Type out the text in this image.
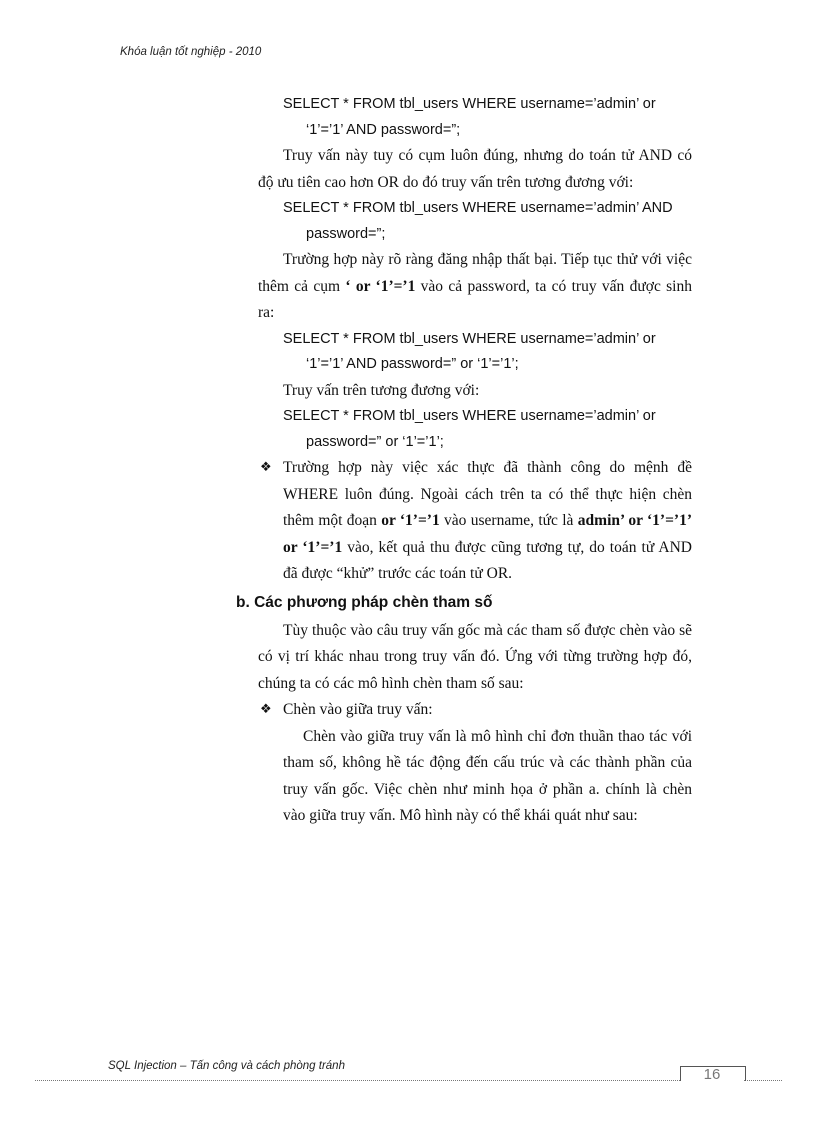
Khóa luận tốt nghiệp - 2010

SELECT * FROM tbl_users WHERE username=’admin’ or

‘1’=’1’ AND password=”;

Truy vấn này tuy có cụm luôn đúng, nhưng do toán tử AND có độ ưu tiên cao hơn OR do đó truy vấn trên tương đương với:

SELECT * FROM tbl_users WHERE username=’admin’ AND

password=”;

Trường hợp này rõ ràng đăng nhập thất bại. Tiếp tục thử với việc thêm cả cụm ‘ or ‘1’=’1 vào cả password, ta có truy vấn được sinh ra:

SELECT * FROM tbl_users WHERE username=’admin’ or

‘1’=’1’ AND password=” or ‘1’=’1’;

Truy vấn trên tương đương với:

SELECT * FROM tbl_users WHERE username=’admin’ or

password=” or ‘1’=’1’;

❖ Trường hợp này việc xác thực đã thành công do mệnh đề WHERE luôn đúng. Ngoài cách trên ta có thể thực hiện chèn thêm một đoạn or ‘1’=’1 vào username, tức là admin’ or ‘1’=’1’ or ‘1’=’1 vào, kết quả thu được cũng tương tự, do toán tử AND đã được “khử” trước các toán tử OR.

b. Các phương pháp chèn tham số

Tùy thuộc vào câu truy vấn gốc mà các tham số được chèn vào sẽ có vị trí khác nhau trong truy vấn đó. Ứng với từng trường hợp đó, chúng ta có các mô hình chèn tham số sau:

❖ Chèn vào giữa truy vấn:

Chèn vào giữa truy vấn là mô hình chỉ đơn thuần thao tác với tham số, không hề tác động đến cấu trúc và các thành phần của truy vấn gốc. Việc chèn như minh họa ở phần a. chính là chèn vào giữa truy vấn. Mô hình này có thể khái quát như sau:

SQL Injection – Tấn công và cách phòng tránh	16
